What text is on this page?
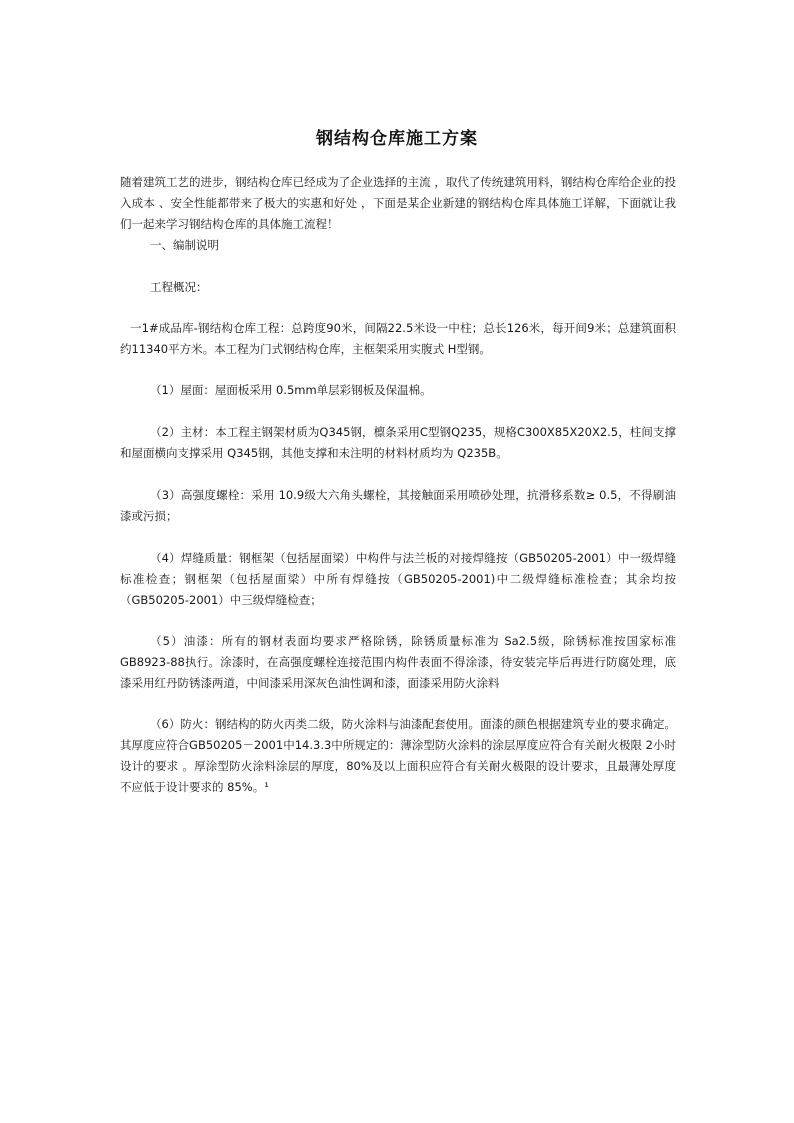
钢结构仓库施工方案
随着建筑工艺的进步，钢结构仓库已经成为了企业选择的主流 ，取代了传统建筑用料，钢结构仓库给企业的投入成本 、安全性能都带来了极大的实惠和好处 ，下面是某企业新建的钢结构仓库具体施工详解，下面就让我们一起来学习钢结构仓库的具体施工流程！
一、编制说明
工程概况：
一1#成品库-钢结构仓库工程：总跨度90米，间隔22.5米设一中柱；总长126米，每开间9米；总建筑面积约11340平方米。本工程为门式钢结构仓库，主框架采用实腹式 H型钢。
（1）屋面：屋面板采用 0.5mm单层彩钢板及保温棉。
（2）主材：本工程主钢架材质为Q345钢，檩条采用C型钢Q235，规格C300X85X20X2.5，柱间支撑和屋面横向支撑采用 Q345钢，其他支撑和未注明的材料材质均为 Q235B。
（3）高强度螺栓：采用 10.9级大六角头螺栓，其接触面采用喷砂处理，抗滑移系数≥ 0.5，不得刷油漆或污损；
（4）焊缝质量：钢框架（包括屋面梁）中构件与法兰板的对接焊缝按（GB50205-2001）中一级焊缝标准检查；钢框架（包括屋面梁）中所有焊缝按（GB50205-2001)中二级焊缝标准检查；其余均按（GB50205-2001）中三级焊缝检查；
（5）油漆：所有的钢材表面均要求严格除锈，除锈质量标准为 Sa2.5级，除锈标准按国家标准GB8923-88执行。涂漆时，在高强度螺栓连接范围内构件表面不得涂漆，待安装完毕后再进行防腐处理，底漆采用红丹防锈漆两道，中间漆采用深灰色油性调和漆，面漆采用防火涂料
（6）防火：钢结构的防火丙类二级，防火涂料与油漆配套使用。面漆的颜色根据建筑专业的要求确定。其厚度应符合GB50205－2001中14.3.3中所规定的：薄涂型防火涂料的涂层厚度应符合有关耐火极限 2小时设计的要求 。厚涂型防火涂料涂层的厚度，80%及以上面积应符合有关耐火极限的设计要求，且最薄处厚度不应低于设计要求的 85%。¹
